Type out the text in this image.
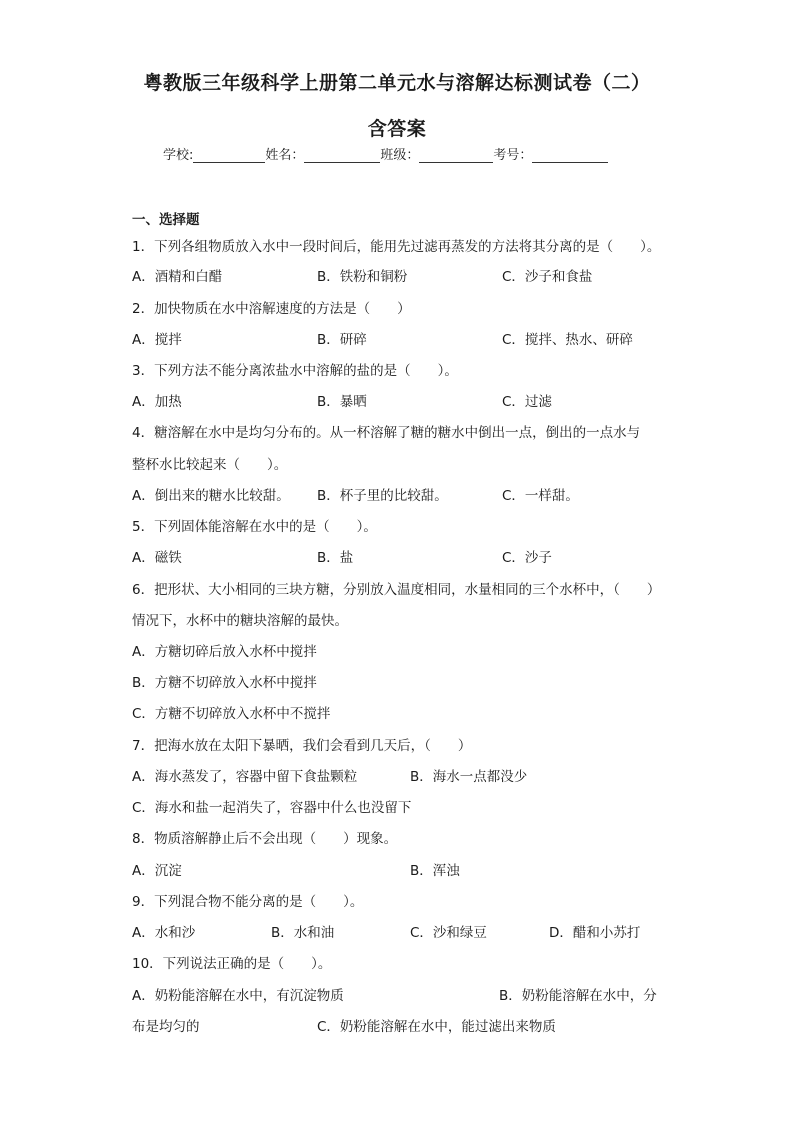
粤教版三年级科学上册第二单元水与溶解达标测试卷（二）
含答案
学校:	姓名：	班级：	考号：
一、选择题
1．下列各组物质放入水中一段时间后，能用先过滤再蒸发的方法将其分离的是（　　）。
A．酒精和白醋	B．铁粉和铜粉	C．沙子和食盐
2．加快物质在水中溶解速度的方法是（　　）
A．搅拌	B．研碎	C．搅拌、热水、研碎
3．下列方法不能分离浓盐水中溶解的盐的是（　　）。
A．加热	B．暴晒	C．过滤
4．糖溶解在水中是均匀分布的。从一杯溶解了糖的糖水中倒出一点，倒出的一点水与
整杯水比较起来（　　）。
A．倒出来的糖水比较甜。 B．杯子里的比较甜。	C．一样甜。
5．下列固体能溶解在水中的是（　　）。
A．磁铁	B．盐	C．沙子
6．把形状、大小相同的三块方糖，分别放入温度相同，水量相同的三个水杯中，（　　）
情况下，水杯中的糖块溶解的最快。
A．方糖切碎后放入水杯中搅拌
B．方糖不切碎放入水杯中搅拌
C．方糖不切碎放入水杯中不搅拌
7．把海水放在太阳下暴晒，我们会看到几天后，（　　）
A．海水蒸发了，容器中留下食盐颗粒	B．海水一点都没少
C．海水和盐一起消失了，容器中什么也没留下
8．物质溶解静止后不会出现（　　）现象。
A．沉淀	B．浑浊
9．下列混合物不能分离的是（　　）。
A．水和沙	B．水和油	C．沙和绿豆	D．醋和小苏打
10．下列说法正确的是（　　）。
A．奶粉能溶解在水中，有沉淀物质	B．奶粉能溶解在水中，分
布是均匀的	C．奶粉能溶解在水中，能过滤出来物质
